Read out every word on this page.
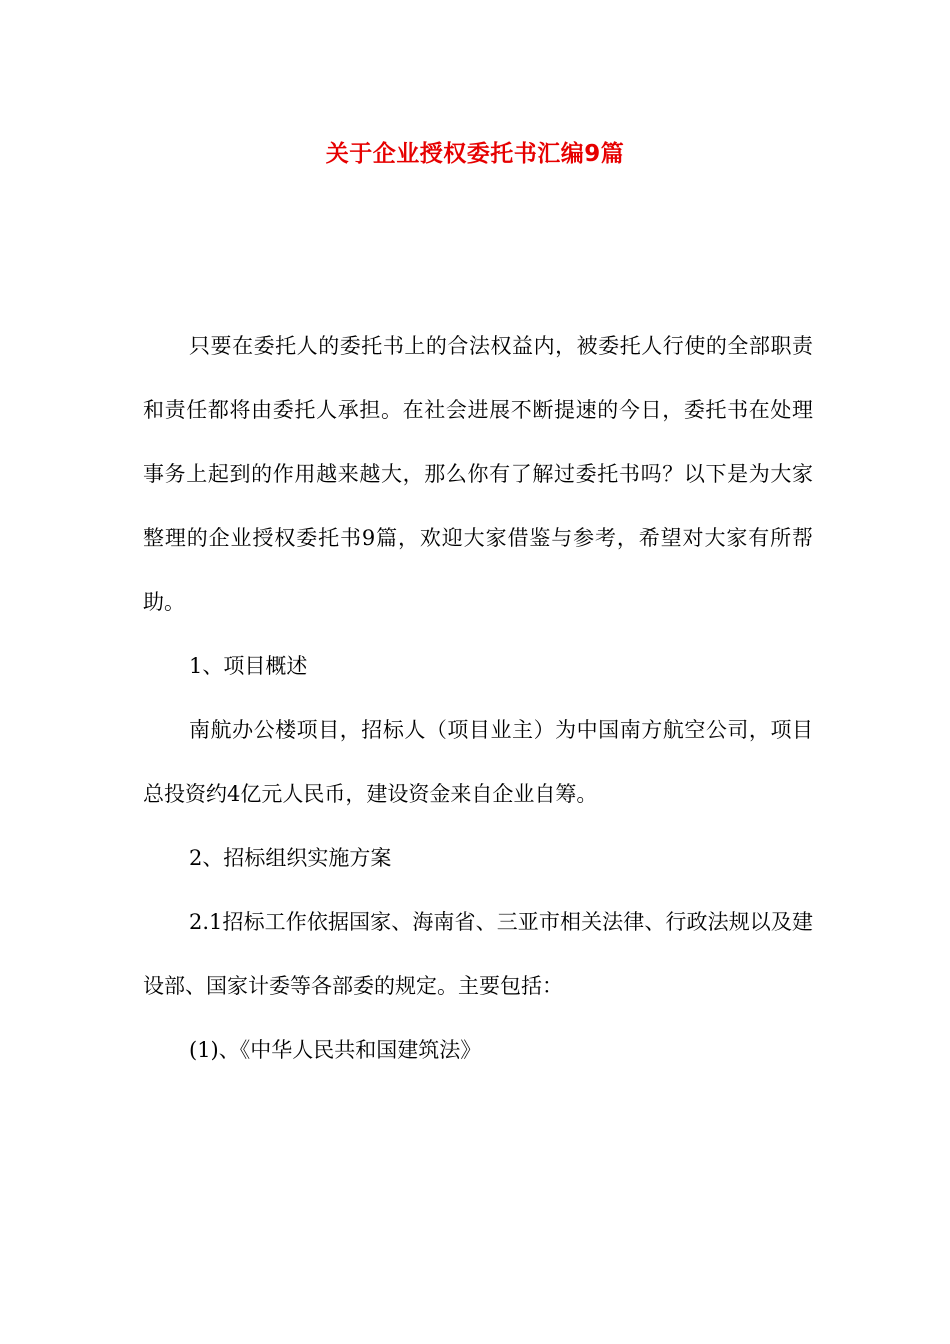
关于企业授权委托书汇编9篇

只要在委托人的委托书上的合法权益内，被委托人行使的全部职责和责任都将由委托人承担。在社会进展不断提速的今日，委托书在处理事务上起到的作用越来越大，那么你有了解过委托书吗？以下是为大家整理的企业授权委托书9篇，欢迎大家借鉴与参考，希望对大家有所帮助。

1、项目概述

南航办公楼项目，招标人（项目业主）为中国南方航空公司，项目总投资约4亿元人民币，建设资金来自企业自筹。

2、招标组织实施方案

2.1招标工作依据国家、海南省、三亚市相关法律、行政法规以及建设部、国家计委等各部委的规定。主要包括：

(1)、《中华人民共和国建筑法》
